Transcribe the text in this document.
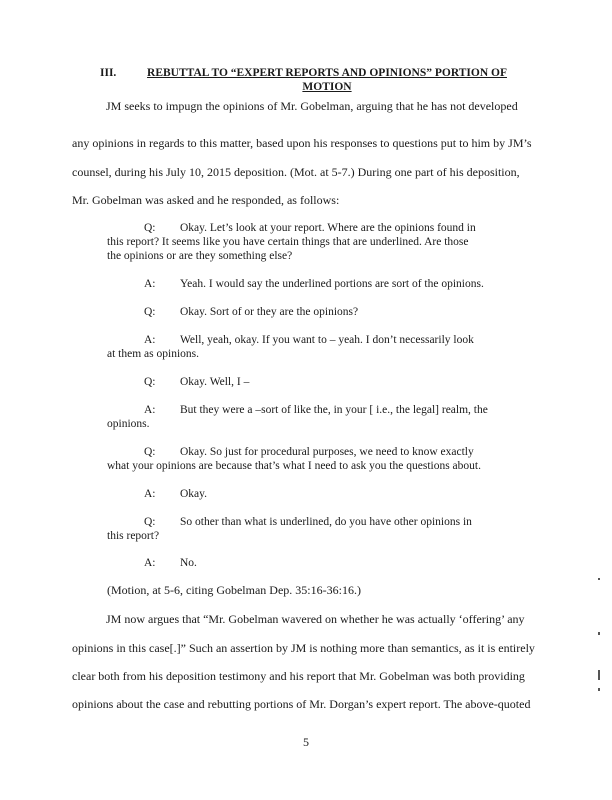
III.	REBUTTAL TO “EXPERT REPORTS AND OPINIONS” PORTION OF
MOTION
JM seeks to impugn the opinions of Mr. Gobelman, arguing that he has not developed
any opinions in regards to this matter, based upon his responses to questions put to him by JM’s
counsel, during his July 10, 2015 deposition. (Mot. at 5-7.) During one part of his deposition,
Mr. Gobelman was asked and he responded, as follows:
Q: Okay. Let’s look at your report. Where are the opinions found in
this report? It seems like you have certain things that are underlined. Are those
the opinions or are they something else?
A: Yeah. I would say the underlined portions are sort of the opinions.
Q: Okay. Sort of or they are the opinions?
A: Well, yeah, okay. If you want to – yeah. I don’t necessarily look
at them as opinions.
Q: Okay. Well, I –
A: But they were a –sort of like the, in your [ i.e., the legal] realm, the
opinions.
Q: Okay. So just for procedural purposes, we need to know exactly
what your opinions are because that’s what I need to ask you the questions about.
A: Okay.
Q: So other than what is underlined, do you have other opinions in
this report?
A: No.
(Motion, at 5-6, citing Gobelman Dep. 35:16-36:16.)
JM now argues that “Mr. Gobelman wavered on whether he was actually ‘offering’ any
opinions in this case[.]” Such an assertion by JM is nothing more than semantics, as it is entirely
clear both from his deposition testimony and his report that Mr. Gobelman was both providing
opinions about the case and rebutting portions of Mr. Dorgan’s expert report. The above-quoted
5
